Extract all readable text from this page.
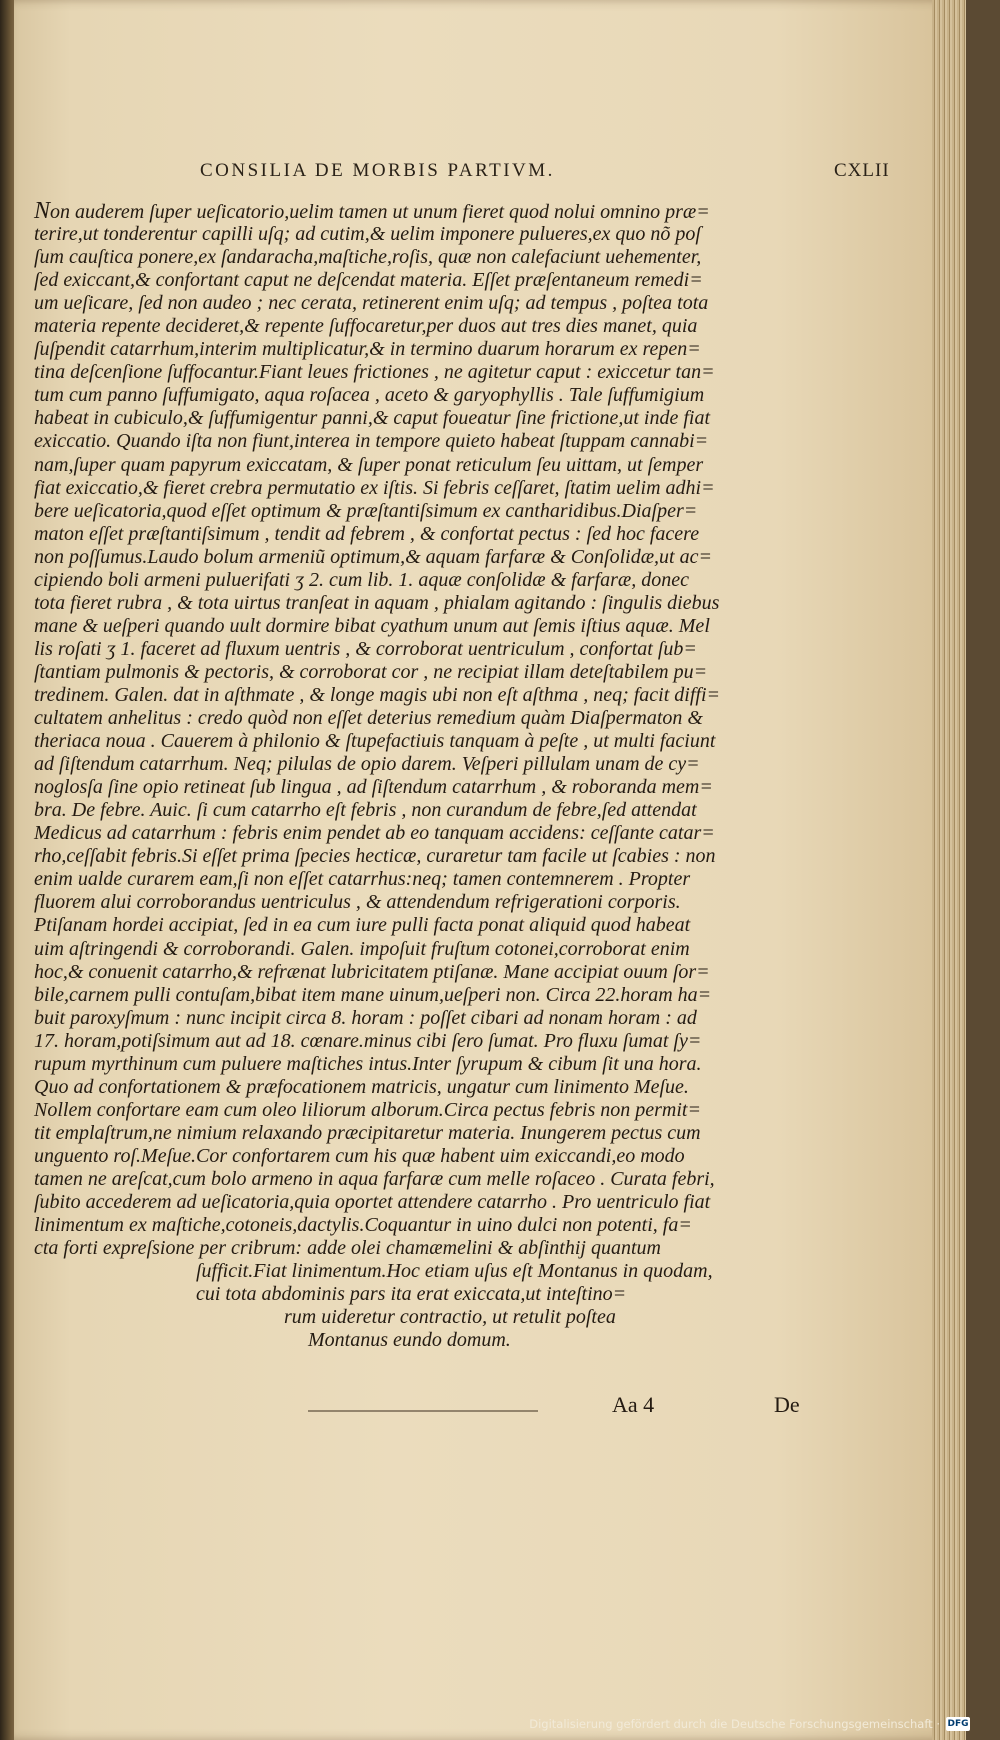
CONSILIA DE MORBIS PARTIVM.	CXLII
Non auderem ſuper ueſicatorio,uelim tamen ut unum fieret quod nolui omnino præ=
terire,ut tonderentur capilli uſq; ad cutim,& uelim imponere pulueres,ex quo nõ poſ
ſum cauſtica ponere,ex ſandaracha,maſtiche,roſis, quæ non calefaciunt uehementer,
ſed exiccant,& confortant caput ne deſcendat materia. Eſſet præſentaneum remedi=
um ueſicare, ſed non audeo ; nec cerata, retinerent enim uſq; ad tempus , poſtea tota
materia repente decideret,& repente ſuffocaretur,per duos aut tres dies manet, quia
ſuſpendit catarrhum,interim multiplicatur,& in termino duarum horarum ex repen=
tina deſcenſione ſuffocantur.Fiant leues frictiones , ne agitetur caput : exiccetur tan=
tum cum panno ſuffumigato, aqua roſacea , aceto & garyophyllis . Tale ſuffumigium
habeat in cubiculo,& ſuffumigentur panni,& caput foueatur ſine frictione,ut inde fiat
exiccatio. Quando iſta non fiunt,interea in tempore quieto habeat ſtuppam cannabi=
nam,ſuper quam papyrum exiccatam, & ſuper ponat reticulum ſeu uittam, ut ſemper
fiat exiccatio,& fieret crebra permutatio ex iſtis. Si febris ceſſaret, ſtatim uelim adhi=
bere ueſicatoria,quod eſſet optimum & præſtantiſsimum ex cantharidibus.Diaſper=
maton eſſet præſtantiſsimum , tendit ad febrem , & confortat pectus : ſed hoc facere
non poſſumus.Laudo bolum armeniũ optimum,& aquam farfaræ & Conſolidæ,ut ac=
cipiendo boli armeni puluerifati ʒ 2. cum lib. 1. aquæ conſolidæ & farfaræ, donec
tota fieret rubra , & tota uirtus tranſeat in aquam , phialam agitando : ſingulis diebus
mane & ueſperi quando uult dormire bibat cyathum unum aut ſemis iſtius aquæ. Mel
lis roſati ʒ 1. faceret ad fluxum uentris , & corroborat uentriculum , confortat ſub=
ſtantiam pulmonis & pectoris, & corroborat cor , ne recipiat illam deteſtabilem pu=
tredinem. Galen. dat in aſthmate , & longe magis ubi non eſt aſthma , neq; facit diffi=
cultatem anhelitus : credo quòd non eſſet deterius remedium quàm Diaſpermaton &
theriaca noua . Cauerem à philonio & ſtupefactiuis tanquam à peſte , ut multi faciunt
ad ſiſtendum catarrhum. Neq; pilulas de opio darem. Veſperi pillulam unam de cy=
noglosſa ſine opio retineat ſub lingua , ad ſiſtendum catarrhum , & roboranda mem=
bra. De febre. Auic. ſi cum catarrho eſt febris , non curandum de febre,ſed attendat
Medicus ad catarrhum : febris enim pendet ab eo tanquam accidens: ceſſante catar=
rho,ceſſabit febris.Si eſſet prima ſpecies hecticæ, curaretur tam facile ut ſcabies : non
enim ualde curarem eam,ſi non eſſet catarrhus:neq; tamen contemnerem . Propter
fluorem alui corroborandus uentriculus , & attendendum refrigerationi corporis.
Ptiſanam hordei accipiat, ſed in ea cum iure pulli facta ponat aliquid quod habeat
uim aſtringendi & corroborandi. Galen. impoſuit fruſtum cotonei,corroborat enim
hoc,& conuenit catarrho,& refrænat lubricitatem ptiſanæ. Mane accipiat ouum ſor=
bile,carnem pulli contuſam,bibat item mane uinum,ueſperi non. Circa 22.horam ha=
buit paroxyſmum : nunc incipit circa 8. horam : poſſet cibari ad nonam horam : ad
17. horam,potiſsimum aut ad 18. cœnare.minus cibi ſero ſumat. Pro fluxu ſumat ſy=
rupum myrthinum cum puluere maſtiches intus.Inter ſyrupum & cibum ſit una hora.
Quo ad confortationem & præfocationem matricis, ungatur cum linimento Meſue.
Nollem confortare eam cum oleo liliorum alborum.Circa pectus febris non permit=
tit emplaſtrum,ne nimium relaxando præcipitaretur materia. Inungerem pectus cum
unguento roſ.Meſue.Cor confortarem cum his quæ habent uim exiccandi,eo modo
tamen ne areſcat,cum bolo armeno in aqua farfaræ cum melle roſaceo . Curata febri,
ſubito accederem ad ueſicatoria,quia oportet attendere catarrho . Pro uentriculo fiat
linimentum ex maſtiche,cotoneis,dactylis.Coquantur in uino dulci non potenti, fa=
cta forti expreſsione per cribrum: adde olei chamæmelini & abſinthij quantum
ſufficit.Fiat linimentum.Hoc etiam uſus eſt Montanus in quodam,
cui tota abdominis pars ita erat exiccata,ut inteſtino=
rum uideretur contractio, ut retulit poſtea
Montanus eundo domum.
Aa 4	De
Digitalisierung gefördert durch die Deutsche Forschungsgemeinschaft · DFG
